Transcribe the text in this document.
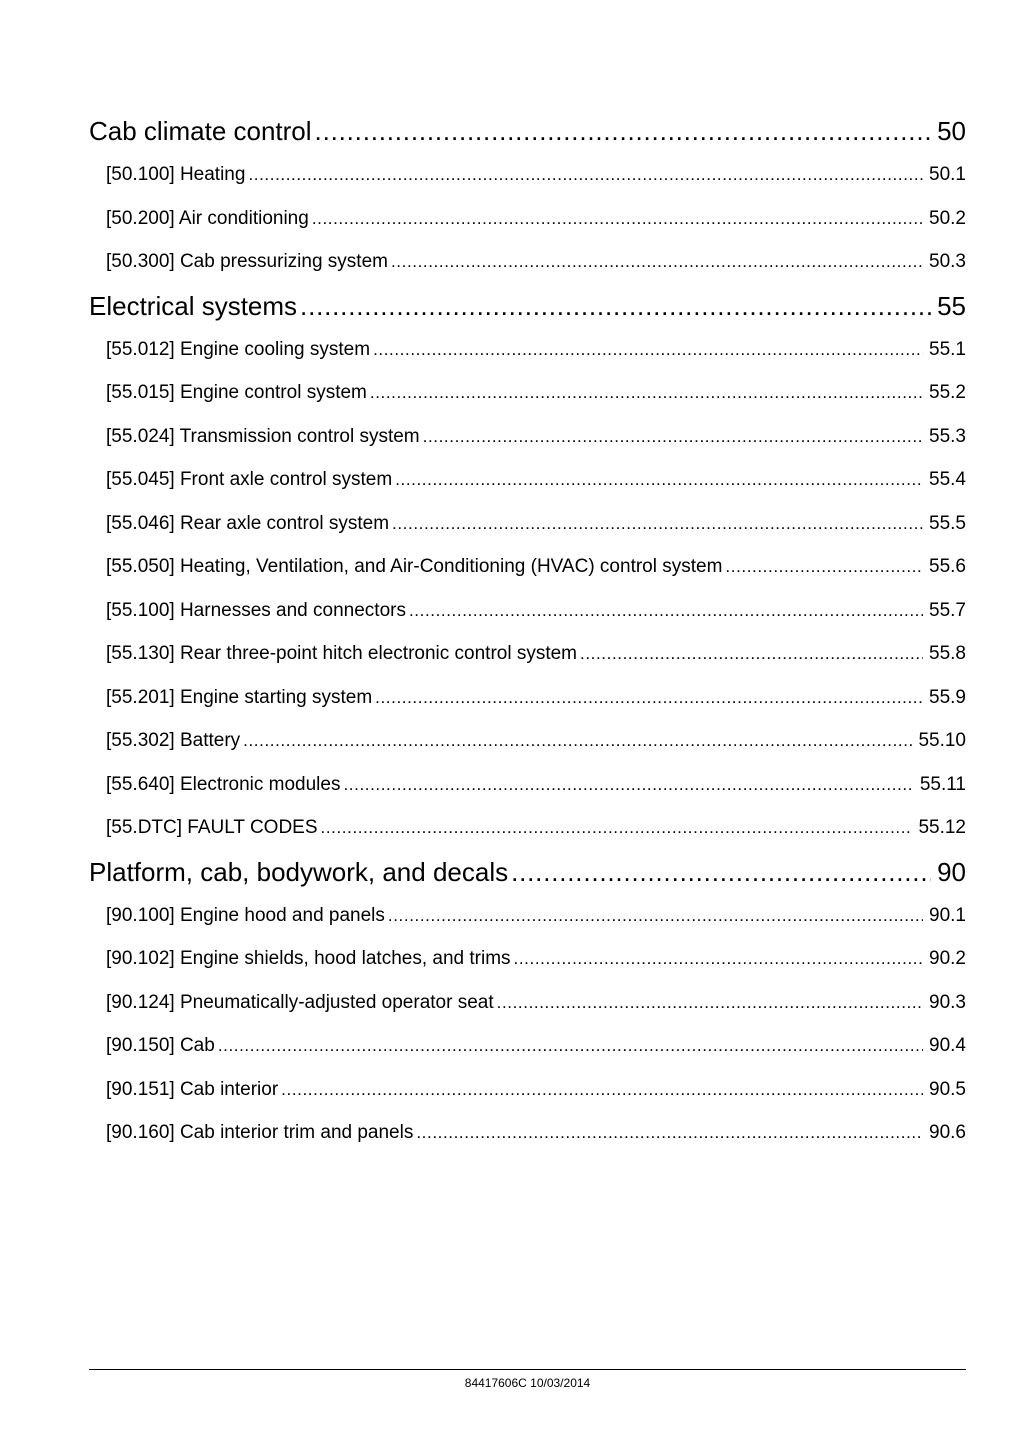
Cab climate control .....	50
[50.100] Heating .....	50.1
[50.200] Air conditioning .....	50.2
[50.300] Cab pressurizing system .....	50.3
Electrical systems .....	55
[55.012] Engine cooling system .....	55.1
[55.015] Engine control system .....	55.2
[55.024] Transmission control system .....	55.3
[55.045] Front axle control system .....	55.4
[55.046] Rear axle control system .....	55.5
[55.050] Heating, Ventilation, and Air-Conditioning (HVAC) control system .....	55.6
[55.100] Harnesses and connectors .....	55.7
[55.130] Rear three-point hitch electronic control system .....	55.8
[55.201] Engine starting system .....	55.9
[55.302] Battery .....	55.10
[55.640] Electronic modules .....	55.11
[55.DTC] FAULT CODES .....	55.12
Platform, cab, bodywork, and decals .....	90
[90.100] Engine hood and panels .....	90.1
[90.102] Engine shields, hood latches, and trims .....	90.2
[90.124] Pneumatically-adjusted operator seat .....	90.3
[90.150] Cab .....	90.4
[90.151] Cab interior .....	90.5
[90.160] Cab interior trim and panels .....	90.6
84417606C 10/03/2014
